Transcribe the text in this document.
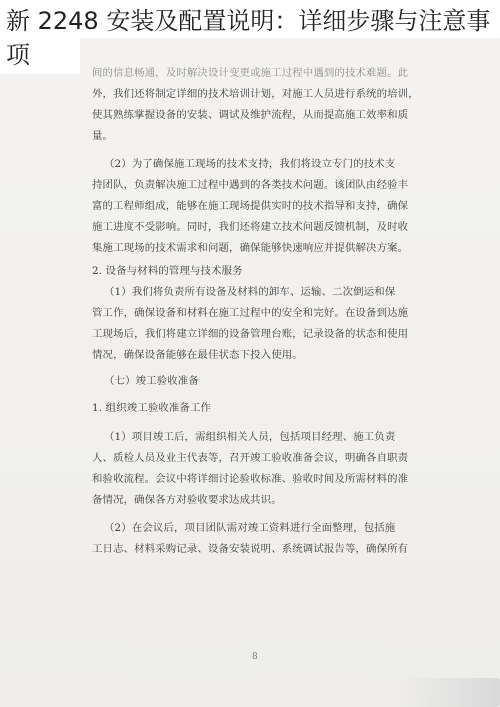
新 2248 安装及配置说明：详细步骤与注意事项
间的信息畅通，及时解决设计变更或施工过程中遇到的技术难题。此
外，我们还将制定详细的技术培训计划，对施工人员进行系统的培训，
使其熟练掌握设备的安装、调试及维护流程，从而提高施工效率和质
量。
（2）为了确保施工现场的技术支持，我们将设立专门的技术支
持团队，负责解决施工过程中遇到的各类技术问题。该团队由经验丰
富的工程师组成，能够在施工现场提供实时的技术指导和支持，确保
施工进度不受影响。同时，我们还将建立技术问题反馈机制，及时收
集施工现场的技术需求和问题，确保能够快速响应并提供解决方案。
2. 设备与材料的管理与技术服务
（1）我们将负责所有设备及材料的卸车、运输、二次倒运和保
管工作，确保设备和材料在施工过程中的安全和完好。在设备到达施
工现场后，我们将建立详细的设备管理台账，记录设备的状态和使用
情况，确保设备能够在最佳状态下投入使用。
（七）竣工验收准备
1. 组织竣工验收准备工作
（1）项目竣工后，需组织相关人员，包括项目经理、施工负责
人、质检人员及业主代表等，召开竣工验收准备会议，明确各自职责
和验收流程。会议中将详细讨论验收标准、验收时间及所需材料的准
备情况，确保各方对验收要求达成共识。
（2）在会议后，项目团队需对竣工资料进行全面整理，包括施
工日志、材料采购记录、设备安装说明、系统调试报告等，确保所有
8
